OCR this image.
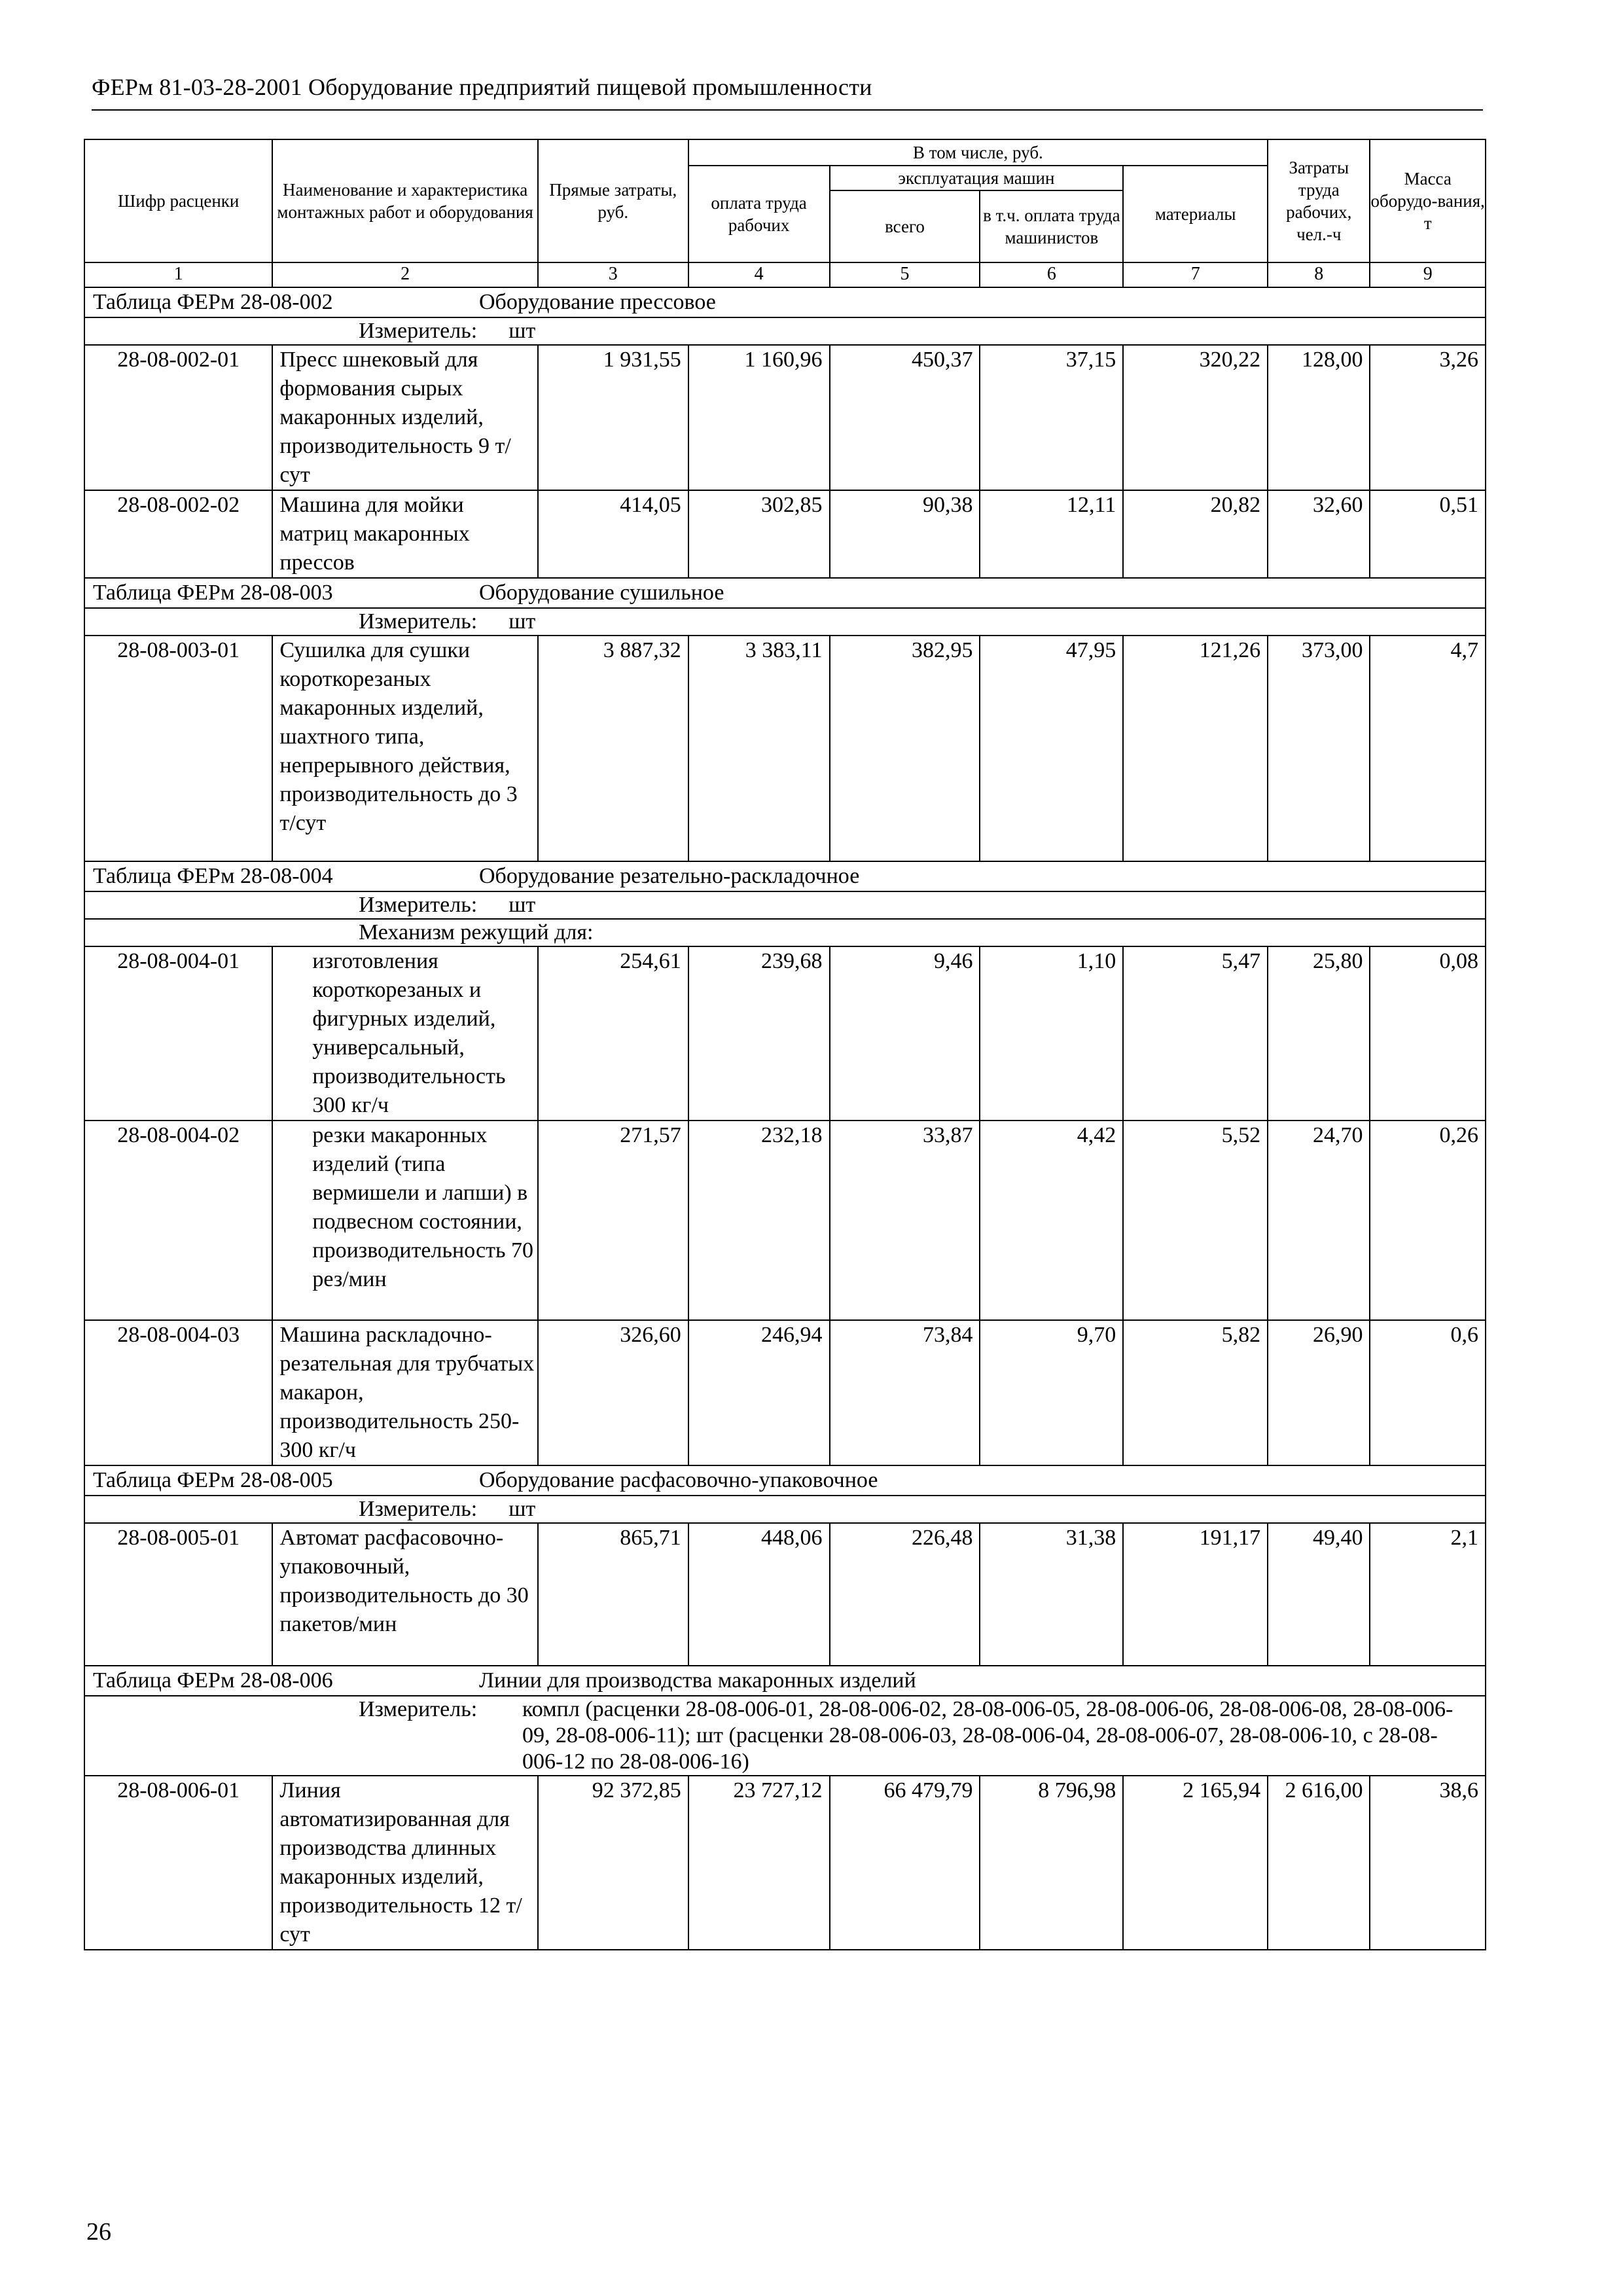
ФЕРм 81-03-28-2001 Оборудование предприятий пищевой промышленности
Шифр расценки	Наименование и характеристика монтажных работ и оборудования	Прямые затраты, руб.	В том числе, руб.				Затраты труда рабочих, чел.-ч	Масса оборудо-вания, т
			оплата труда рабочих	эксплуатация машин		материалы		
				всего	в т.ч. оплата труда машинистов			
1	2	3	4	5	6	7	8	9
Таблица ФЕРм 28-08-002 Оборудование прессовое								
Измеритель: шт								
28-08-002-01	Пресс шнековый для формования сырых макаронных изделий, производительность 9 т/сут	1 931,55	1 160,96	450,37	37,15	320,22	128,00	3,26
28-08-002-02	Машина для мойки матриц макаронных прессов	414,05	302,85	90,38	12,11	20,82	32,60	0,51
Таблица ФЕРм 28-08-003 Оборудование сушильное								
Измеритель: шт								
28-08-003-01	Сушилка для сушки короткорезаных макаронных изделий, шахтного типа, непрерывного действия, производительность до 3 т/сут	3 887,32	3 383,11	382,95	47,95	121,26	373,00	4,7
Таблица ФЕРм 28-08-004 Оборудование резательно-раскладочное								
Измеритель: шт								

Механизм режущий для:								

28-08-004-01	изготовления короткорезаных и фигурных изделий, универсальный, производительность 300 кг/ч	254,61	239,68	9,46	1,10	5,47	25,80	0,08
28-08-004-02	резки макаронных изделий (типа вермишели и лапши) в подвесном состоянии, производительность 70 рез/мин	271,57	232,18	33,87	4,42	5,52	24,70	0,26
28-08-004-03	Машина раскладочно-резательная для трубчатых макарон, производительность 250-300 кг/ч	326,60	246,94	73,84	9,70	5,82	26,90	0,6
Таблица ФЕРм 28-08-005 Оборудование расфасовочно-упаковочное								
Измеритель: шт								
28-08-005-01	Автомат расфасовочно-упаковочный, производительность до 30 пакетов/мин	865,71	448,06	226,48	31,38	191,17	49,40	2,1
Таблица ФЕРм 28-08-006 Линии для производства макаронных изделий								

Измеритель: компл (расценки 28-08-006-01, 28-08-006-02, 28-08-006-05, 28-08-006-06, 28-08-006-08, 28-08-006-09, 28-08-006-11); шт (расценки 28-08-006-03, 28-08-006-04, 28-08-006-07, 28-08-006-10, с 28-08-006-12 по 28-08-006-16)								

28-08-006-01	Линия автоматизированная для производства длинных макаронных изделий, производительность 12 т/сут	92 372,85	23 727,12	66 479,79	8 796,98	2 165,94	2 616,00	38,6
26
